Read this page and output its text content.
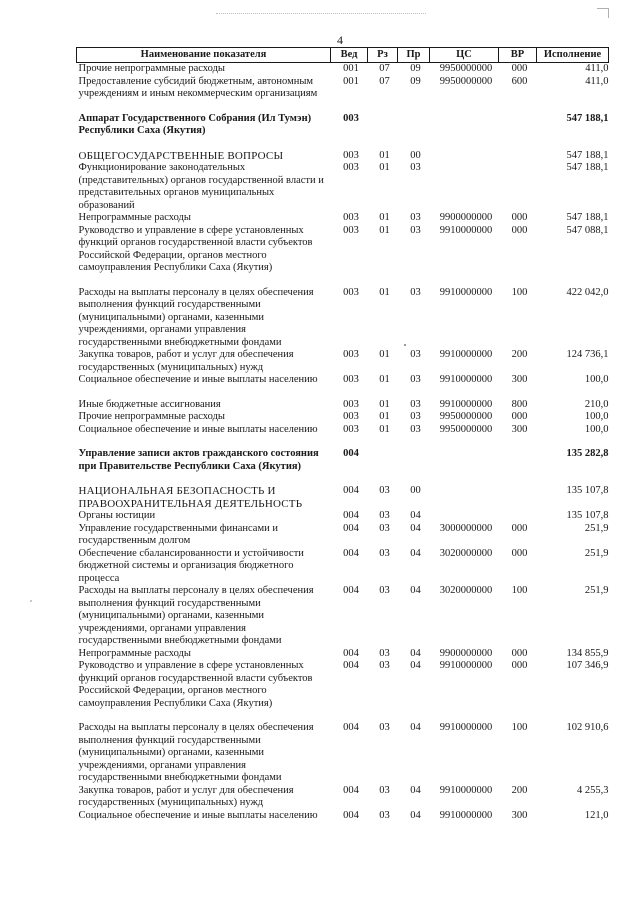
4
Наименование показателя	Вед	Рз	Пр	ЦС	ВР	Исполнение
Прочие непрограммные расходы	001	07	09	9950000000	000	411,0
Предоставление субсидий бюджетным, автономным учреждениям и иным некоммерческим организациям	001	07	09	9950000000	600	411,0
Аппарат Государственного Собрания (Ил Тумэн) Республики Саха (Якутия)	003					547 188,1
ОБЩЕГОСУДАРСТВЕННЫЕ ВОПРОСЫ	003	01	00			547 188,1
Функционирование законодательных (представительных) органов государственной власти и представительных органов муниципальных образований	003	01	03			547 188,1
Непрограммные расходы	003	01	03	9900000000	000	547 188,1
Руководство и управление в сфере установленных функций органов государственной власти субъектов Российской Федерации, органов местного самоуправления Республики Саха (Якутия)	003	01	03	9910000000	000	547 088,1
Расходы на выплаты персоналу в целях обеспечения выполнения функций государственными (муниципальными) органами, казенными учреждениями, органами управления государственными внебюджетными фондами	003	01	03	9910000000	100	422 042,0
Закупка товаров, работ и услуг для обеспечения государственных (муниципальных) нужд	003	01	03	9910000000	200	124 736,1
Социальное обеспечение и иные выплаты населению	003	01	03	9910000000	300	100,0
Иные бюджетные ассигнования	003	01	03	9910000000	800	210,0
Прочие непрограммные расходы	003	01	03	9950000000	000	100,0
Социальное обеспечение и иные выплаты населению	003	01	03	9950000000	300	100,0
Управление записи актов гражданского состояния при Правительстве Республики Саха (Якутия)	004					135 282,8
НАЦИОНАЛЬНАЯ БЕЗОПАСНОСТЬ И ПРАВООХРАНИТЕЛЬНАЯ ДЕЯТЕЛЬНОСТЬ	004	03	00			135 107,8
Органы юстиции	004	03	04			135 107,8
Управление государственными финансами и государственным долгом	004	03	04	3000000000	000	251,9
Обеспечение сбалансированности и устойчивости бюджетной системы и организация бюджетного процесса	004	03	04	3020000000	000	251,9
Расходы на выплаты персоналу в целях обеспечения выполнения функций государственными (муниципальными) органами, казенными учреждениями, органами управления государственными внебюджетными фондами	004	03	04	3020000000	100	251,9
Непрограммные расходы	004	03	04	9900000000	000	134 855,9
Руководство и управление в сфере установленных функций органов государственной власти субъектов Российской Федерации, органов местного самоуправления Республики Саха (Якутия)	004	03	04	9910000000	000	107 346,9
Расходы на выплаты персоналу в целях обеспечения выполнения функций государственными (муниципальными) органами, казенными учреждениями, органами управления государственными внебюджетными фондами	004	03	04	9910000000	100	102 910,6
Закупка товаров, работ и услуг для обеспечения государственных (муниципальных) нужд	004	03	04	9910000000	200	4 255,3
Социальное обеспечение и иные выплаты населению	004	03	04	9910000000	300	121,0
